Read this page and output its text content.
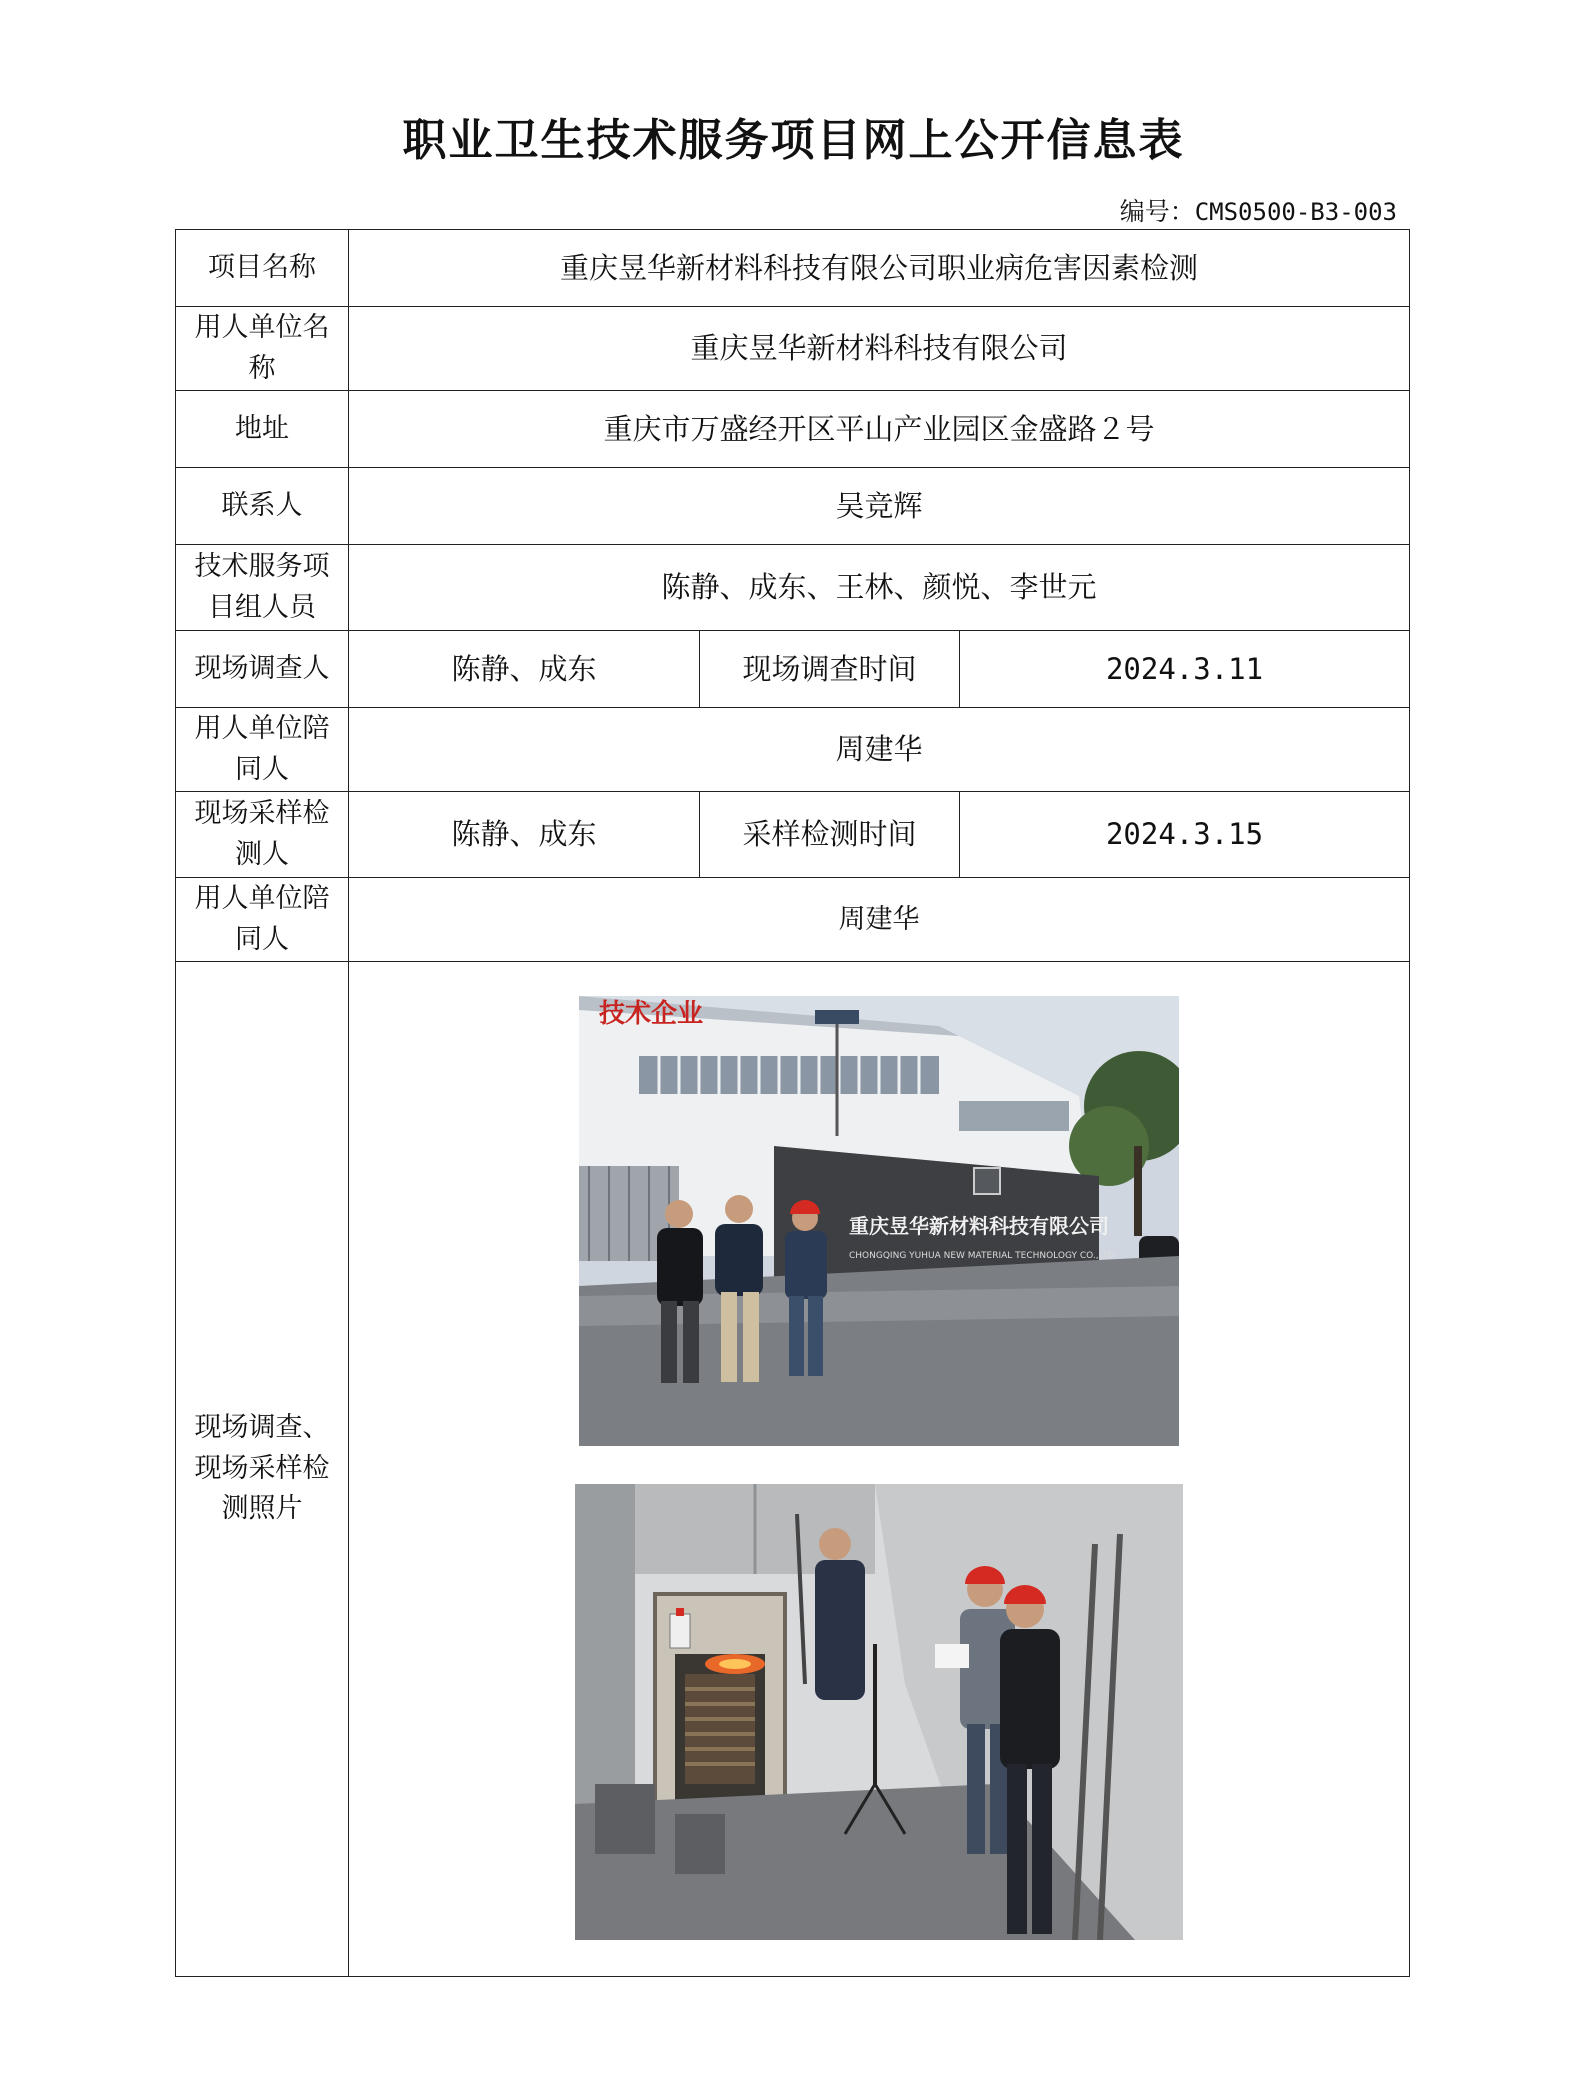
职业卫生技术服务项目网上公开信息表
编号：CMS0500-B3-003
项目名称	重庆昱华新材料科技有限公司职业病危害因素检测		
用人单位名称	重庆昱华新材料科技有限公司		
地址	重庆市万盛经开区平山产业园区金盛路２号		
联系人	吴竞辉		
技术服务项目组人员	陈静、成东、王林、颜悦、李世元		
现场调查人	陈静、成东	现场调查时间	2024.3.11
用人单位陪同人	周建华		
现场采样检测人	陈静、成东	采样检测时间	2024.3.15
用人单位陪同人	周建华		
现场调查、现场采样检测照片	技术企业
重庆昱华新材料科技有限公司
CHONGQING YUHUA NEW MATERIAL TECHNOLOGY CO.,LTD		
